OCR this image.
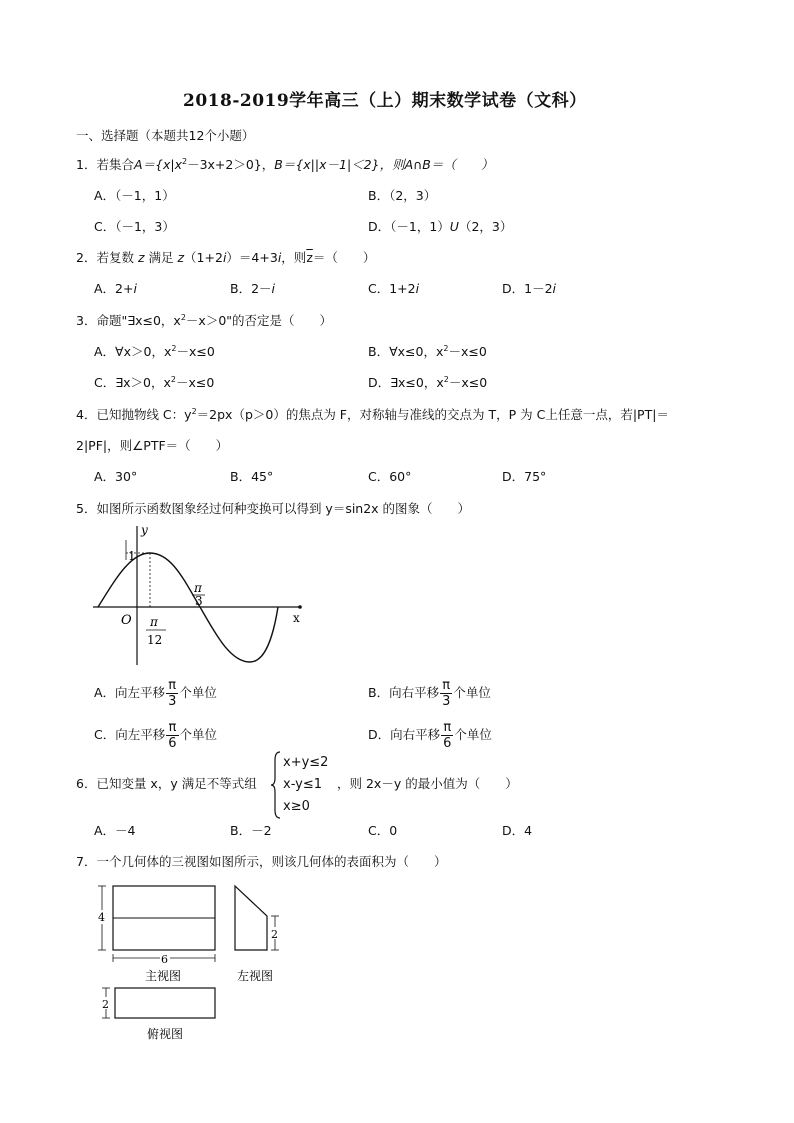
2018-2019学年高三（上）期末数学试卷（文科）
一、选择题（本题共12个小题）
1．若集合$A=\{x|x^2-3x+2>0\}$，B＝{x||x－1|＜2}，则A∩B＝（　　）
A．（－1，1）	B．（2，3）
C．（－1，3）	D．（－1，1）U（2，3）
2．若复数 z 满足 z（1+2i）＝4+3i，则$\overline{z}=$（　　）
A．2+i	B．2－i	C．1+2i	D．1－2i
3．命题"∃x≤0，$x^2-x>0$"的否定是（　　）
A．∀x＞0，$x^2-x\le 0$	B．∀x≤0，$x^2-x\le 0$
C．∃x＞0，$x^2-x\le 0$	D．∃x≤0，$x^2-x\le 0$
4．已知抛物线 C：$y^2=2px(p>0)$的焦点为 F，对称轴与准线的交点为 T，P 为 C上任意一点，若|PT|＝
2|PF|，则∠PTF＝（　　）
A．30°	B．45°	C．60°	D．75°
5．如图所示函数图象经过何种变换可以得到 y＝sin2x 的图象（　　）
y
x
O
1
π
3
π
12
A．向左平移 $\frac{\pi}{3}$ 个单位	B．向右平移 $\frac{\pi}{3}$ 个单位
C．向左平移 $\frac{\pi}{6}$ 个单位	D．向右平移 $\frac{\pi}{6}$ 个单位
6．已知变量 x，y 满足不等式组
x+y≤2
x-y≤1
x≥0
，则 2x－y 的最小值为（　　）
A．－4	B．－2	C．0	D．4
7．一个几何体的三视图如图所示，则该几何体的表面积为（　　）
4
6
主视图
2
左视图
2
俯视图
